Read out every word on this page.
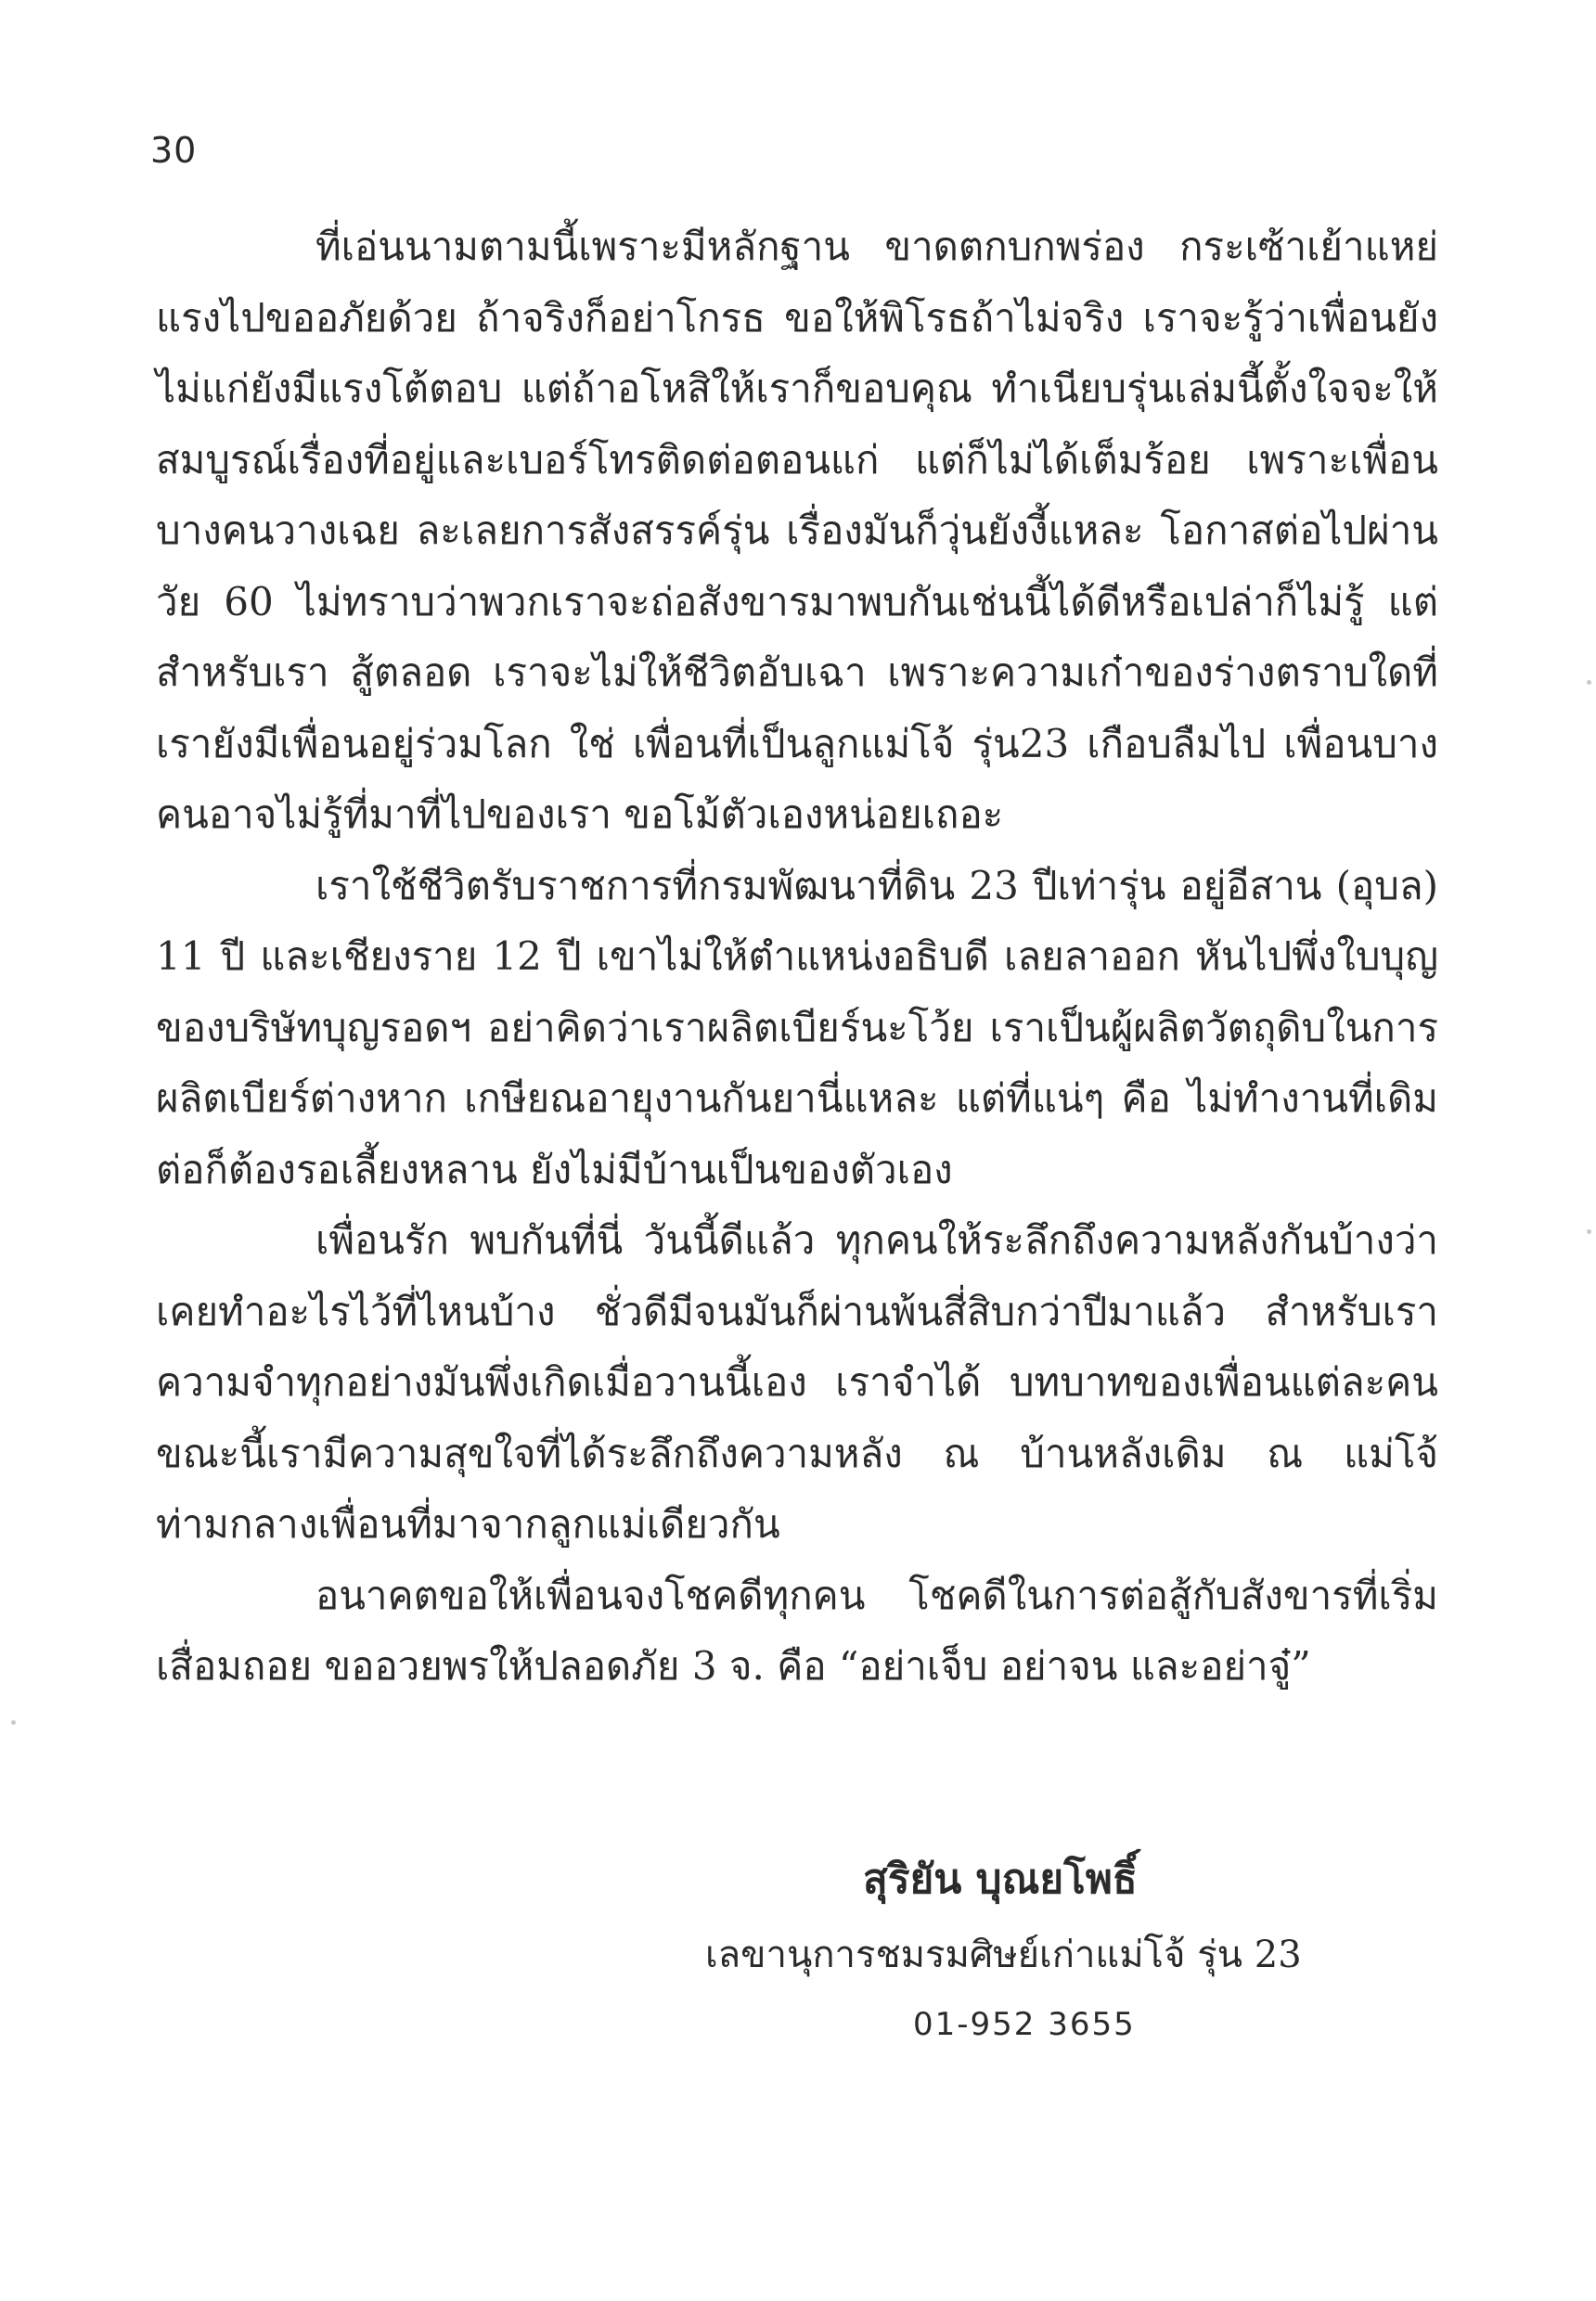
30

ที่เอ่นนามตามนี้เพราะมีหลักฐาน ขาดตกบกพร่อง กระเซ้าเย้าแหย่แรงไปขออภัยด้วย ถ้าจริงก็อย่าโกรธ ขอให้พิโรธถ้าไม่จริง เราจะรู้ว่าเพื่อนยังไม่แก่ยังมีแรงโต้ตอบ แต่ถ้าอโหสิให้เราก็ขอบคุณ ทำเนียบรุ่นเล่มนี้ตั้งใจจะให้สมบูรณ์เรื่องที่อยู่และเบอร์โทรติดต่อตอนแก่ แต่ก็ไม่ได้เต็มร้อย เพราะเพื่อนบางคนวางเฉย ละเลยการสังสรรค์รุ่น เรื่องมันก็วุ่นยังงี้แหละ โอกาสต่อไปผ่านวัย 60 ไม่ทราบว่าพวกเราจะถ่อสังขารมาพบกันเช่นนี้ได้ดีหรือเปล่าก็ไม่รู้ แต่สำหรับเรา สู้ตลอด เราจะไม่ให้ชีวิตอับเฉา เพราะความเก๋าของร่างตราบใดที่เรายังมีเพื่อนอยู่ร่วมโลก ใช่ เพื่อนที่เป็นลูกแม่โจ้ รุ่น23 เกือบลืมไป เพื่อนบางคนอาจไม่รู้ที่มาที่ไปของเรา ขอโม้ตัวเองหน่อยเถอะ

เราใช้ชีวิตรับราชการที่กรมพัฒนาที่ดิน 23 ปีเท่ารุ่น อยู่อีสาน (อุบล) 11 ปี และเชียงราย 12 ปี เขาไม่ให้ตำแหน่งอธิบดี เลยลาออก หันไปพึ่งใบบุญของบริษัทบุญรอดฯ อย่าคิดว่าเราผลิตเบียร์นะโว้ย เราเป็นผู้ผลิตวัตถุดิบในการผลิตเบียร์ต่างหาก เกษียณอายุงานกันยานี่แหละ แต่ที่แน่ๆ คือ ไม่ทำงานที่เดิมต่อก็ต้องรอเลี้ยงหลาน ยังไม่มีบ้านเป็นของตัวเอง

เพื่อนรัก พบกันที่นี่ วันนี้ดีแล้ว ทุกคนให้ระลึกถึงความหลังกันบ้างว่า เคยทำอะไรไว้ที่ไหนบ้าง ชั่วดีมีจนมันก็ผ่านพ้นสี่สิบกว่าปีมาแล้ว สำหรับเรา ความจำทุกอย่างมันพึ่งเกิดเมื่อวานนี้เอง เราจำได้ บทบาทของเพื่อนแต่ละคน ขณะนี้เรามีความสุขใจที่ได้ระลึกถึงความหลัง ณ บ้านหลังเดิม ณ แม่โจ้ ท่ามกลางเพื่อนที่มาจากลูกแม่เดียวกัน

อนาคตขอให้เพื่อนจงโชคดีทุกคน โชคดีในการต่อสู้กับสังขารที่เริ่มเสื่อมถอย ขออวยพรให้ปลอดภัย 3 จ. คือ “อย่าเจ็บ อย่าจน และอย่าจู๋”

สุริยัน บุณยโพธิ์
เลขานุการชมรมศิษย์เก่าแม่โจ้ รุ่น 23
01-952 3655
